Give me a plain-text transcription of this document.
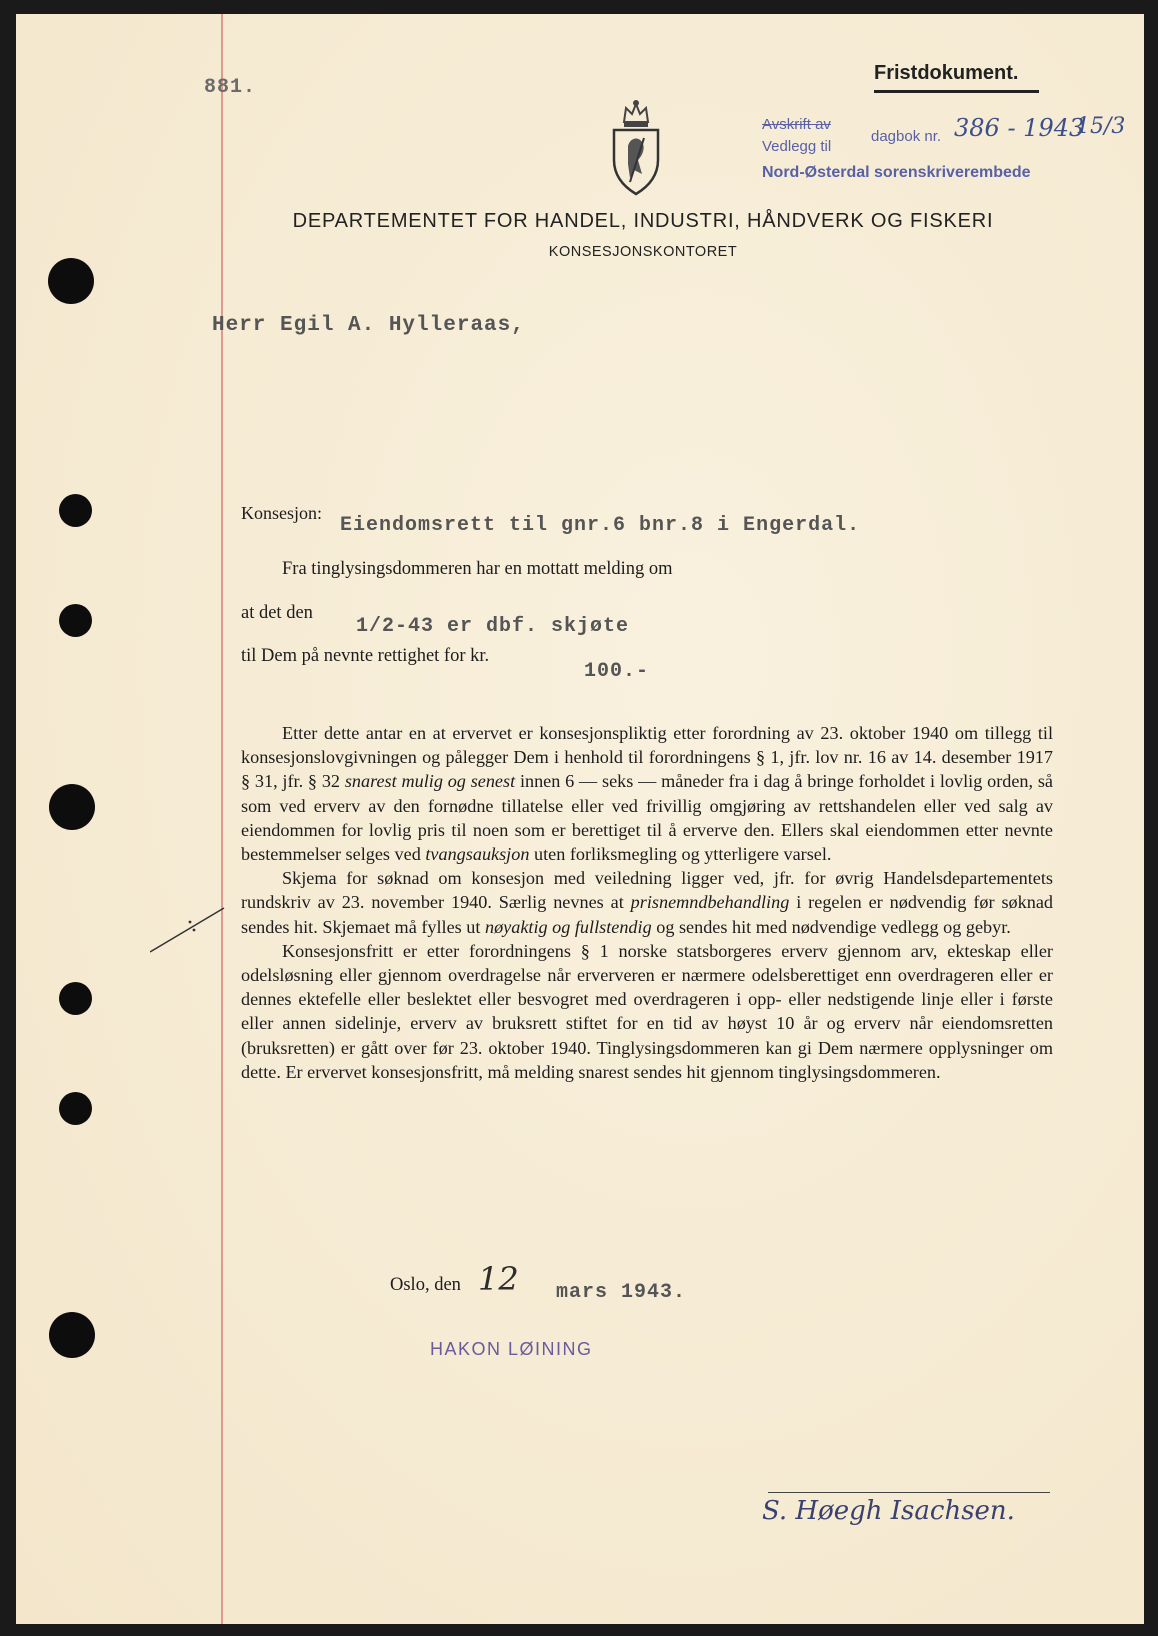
881.
Fristdokument.
Avskrift av
Vedlegg til
dagbok nr. 386 - 1943
15/3
Nord-Østerdal sorenskriverembede
DEPARTEMENTET FOR HANDEL, INDUSTRI, HÅNDVERK OG FISKERI
KONSESJONSKONTORET
Herr Egil A. Hylleraas,
Konsesjon:
Eiendomsrett til gnr.6 bnr.8 i Engerdal.
Fra tinglysingsdommeren har en mottatt melding om
at det den
1/2-43 er dbf. skjøte
til Dem på nevnte rettighet for kr.
100.-

Etter dette antar en at ervervet er konsesjonspliktig etter forordning av 23. oktober 1940 om tillegg til konsesjonslovgivningen og pålegger Dem i henhold til forordningens § 1, jfr. lov nr. 16 av 14. desember 1917 § 31, jfr. § 32 snarest mulig og senest innen 6 — seks — måneder fra i dag å bringe forholdet i lovlig orden, så som ved erverv av den fornødne tillatelse eller ved frivillig omgjøring av rettshandelen eller ved salg av eiendommen for lovlig pris til noen som er berettiget til å erverve den. Ellers skal eiendommen etter nevnte bestemmelser selges ved tvangsauksjon uten forliksmegling og ytterligere varsel.

Skjema for søknad om konsesjon med veiledning ligger ved, jfr. for øvrig Handelsdepartementets rundskriv av 23. november 1940. Særlig nevnes at prisnemndbehandling i regelen er nødvendig før søknad sendes hit. Skjemaet må fylles ut nøyaktig og fullstendig og sendes hit med nødvendige vedlegg og gebyr.

Konsesjonsfritt er etter forordningens § 1 norske statsborgeres erverv gjennom arv, ekteskap eller odelsløsning eller gjennom overdragelse når erververen er nærmere odelsberettiget enn overdrageren eller er dennes ektefelle eller beslektet eller besvogret med overdrageren i opp- eller nedstigende linje eller i første eller annen sidelinje, erverv av bruksrett stiftet for en tid av høyst 10 år og erverv når eiendomsretten (bruksretten) er gått over før 23. oktober 1940. Tinglysingsdommeren kan gi Dem nærmere opplysninger om dette. Er ervervet konsesjonsfritt, må melding snarest sendes hit gjennom tinglysingsdommeren.

Oslo, den 12 mars 1943.
HAKON LØINING
S. Høegh Isachsen.
